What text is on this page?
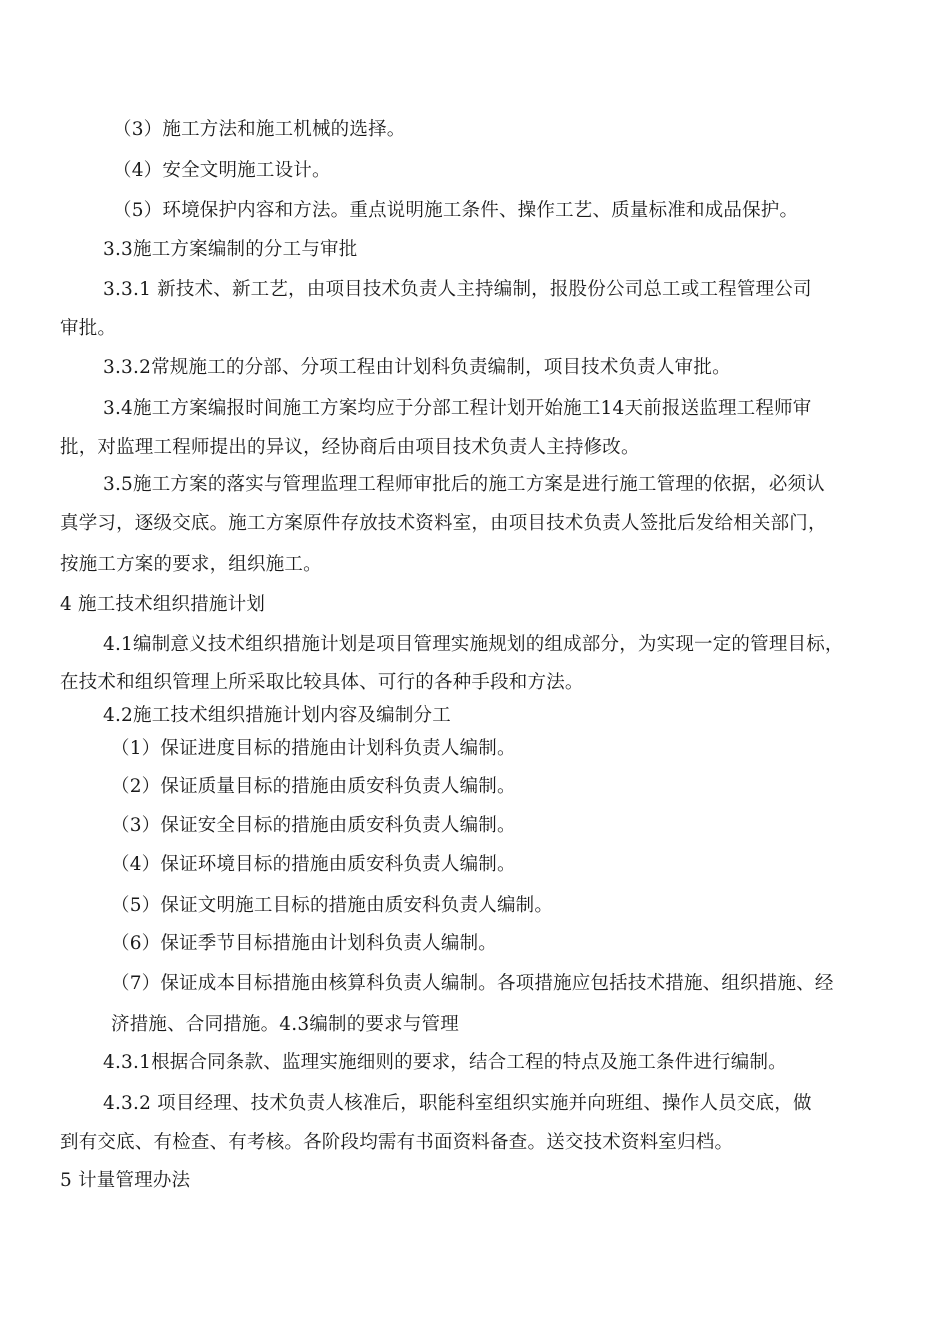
（3）施工方法和施工机械的选择。
（4）安全文明施工设计。
（5）环境保护内容和方法。重点说明施工条件、操作工艺、质量标准和成品保护。
3.3施工方案编制的分工与审批
3.3.1 新技术、新工艺，由项目技术负责人主持编制，报股份公司总工或工程管理公司
审批。
3.3.2常规施工的分部、分项工程由计划科负责编制，项目技术负责人审批。
3.4施工方案编报时间施工方案均应于分部工程计划开始施工14天前报送监理工程师审
批，对监理工程师提出的异议，经协商后由项目技术负责人主持修改。
3.5施工方案的落实与管理监理工程师审批后的施工方案是进行施工管理的依据，必须认
真学习，逐级交底。施工方案原件存放技术资料室，由项目技术负责人签批后发给相关部门，
按施工方案的要求，组织施工。
4 施工技术组织措施计划
4.1编制意义技术组织措施计划是项目管理实施规划的组成部分，为实现一定的管理目标，
在技术和组织管理上所采取比较具体、可行的各种手段和方法。
4.2施工技术组织措施计划内容及编制分工
（1）保证进度目标的措施由计划科负责人编制。
（2）保证质量目标的措施由质安科负责人编制。
（3）保证安全目标的措施由质安科负责人编制。
（4）保证环境目标的措施由质安科负责人编制。
（5）保证文明施工目标的措施由质安科负责人编制。
（6）保证季节目标措施由计划科负责人编制。
（7）保证成本目标措施由核算科负责人编制。各项措施应包括技术措施、组织措施、经
济措施、合同措施。4.3编制的要求与管理
4.3.1根据合同条款、监理实施细则的要求，结合工程的特点及施工条件进行编制。
4.3.2 项目经理、技术负责人核准后，职能科室组织实施并向班组、操作人员交底，做
到有交底、有检查、有考核。各阶段均需有书面资料备查。送交技术资料室归档。
5 计量管理办法
